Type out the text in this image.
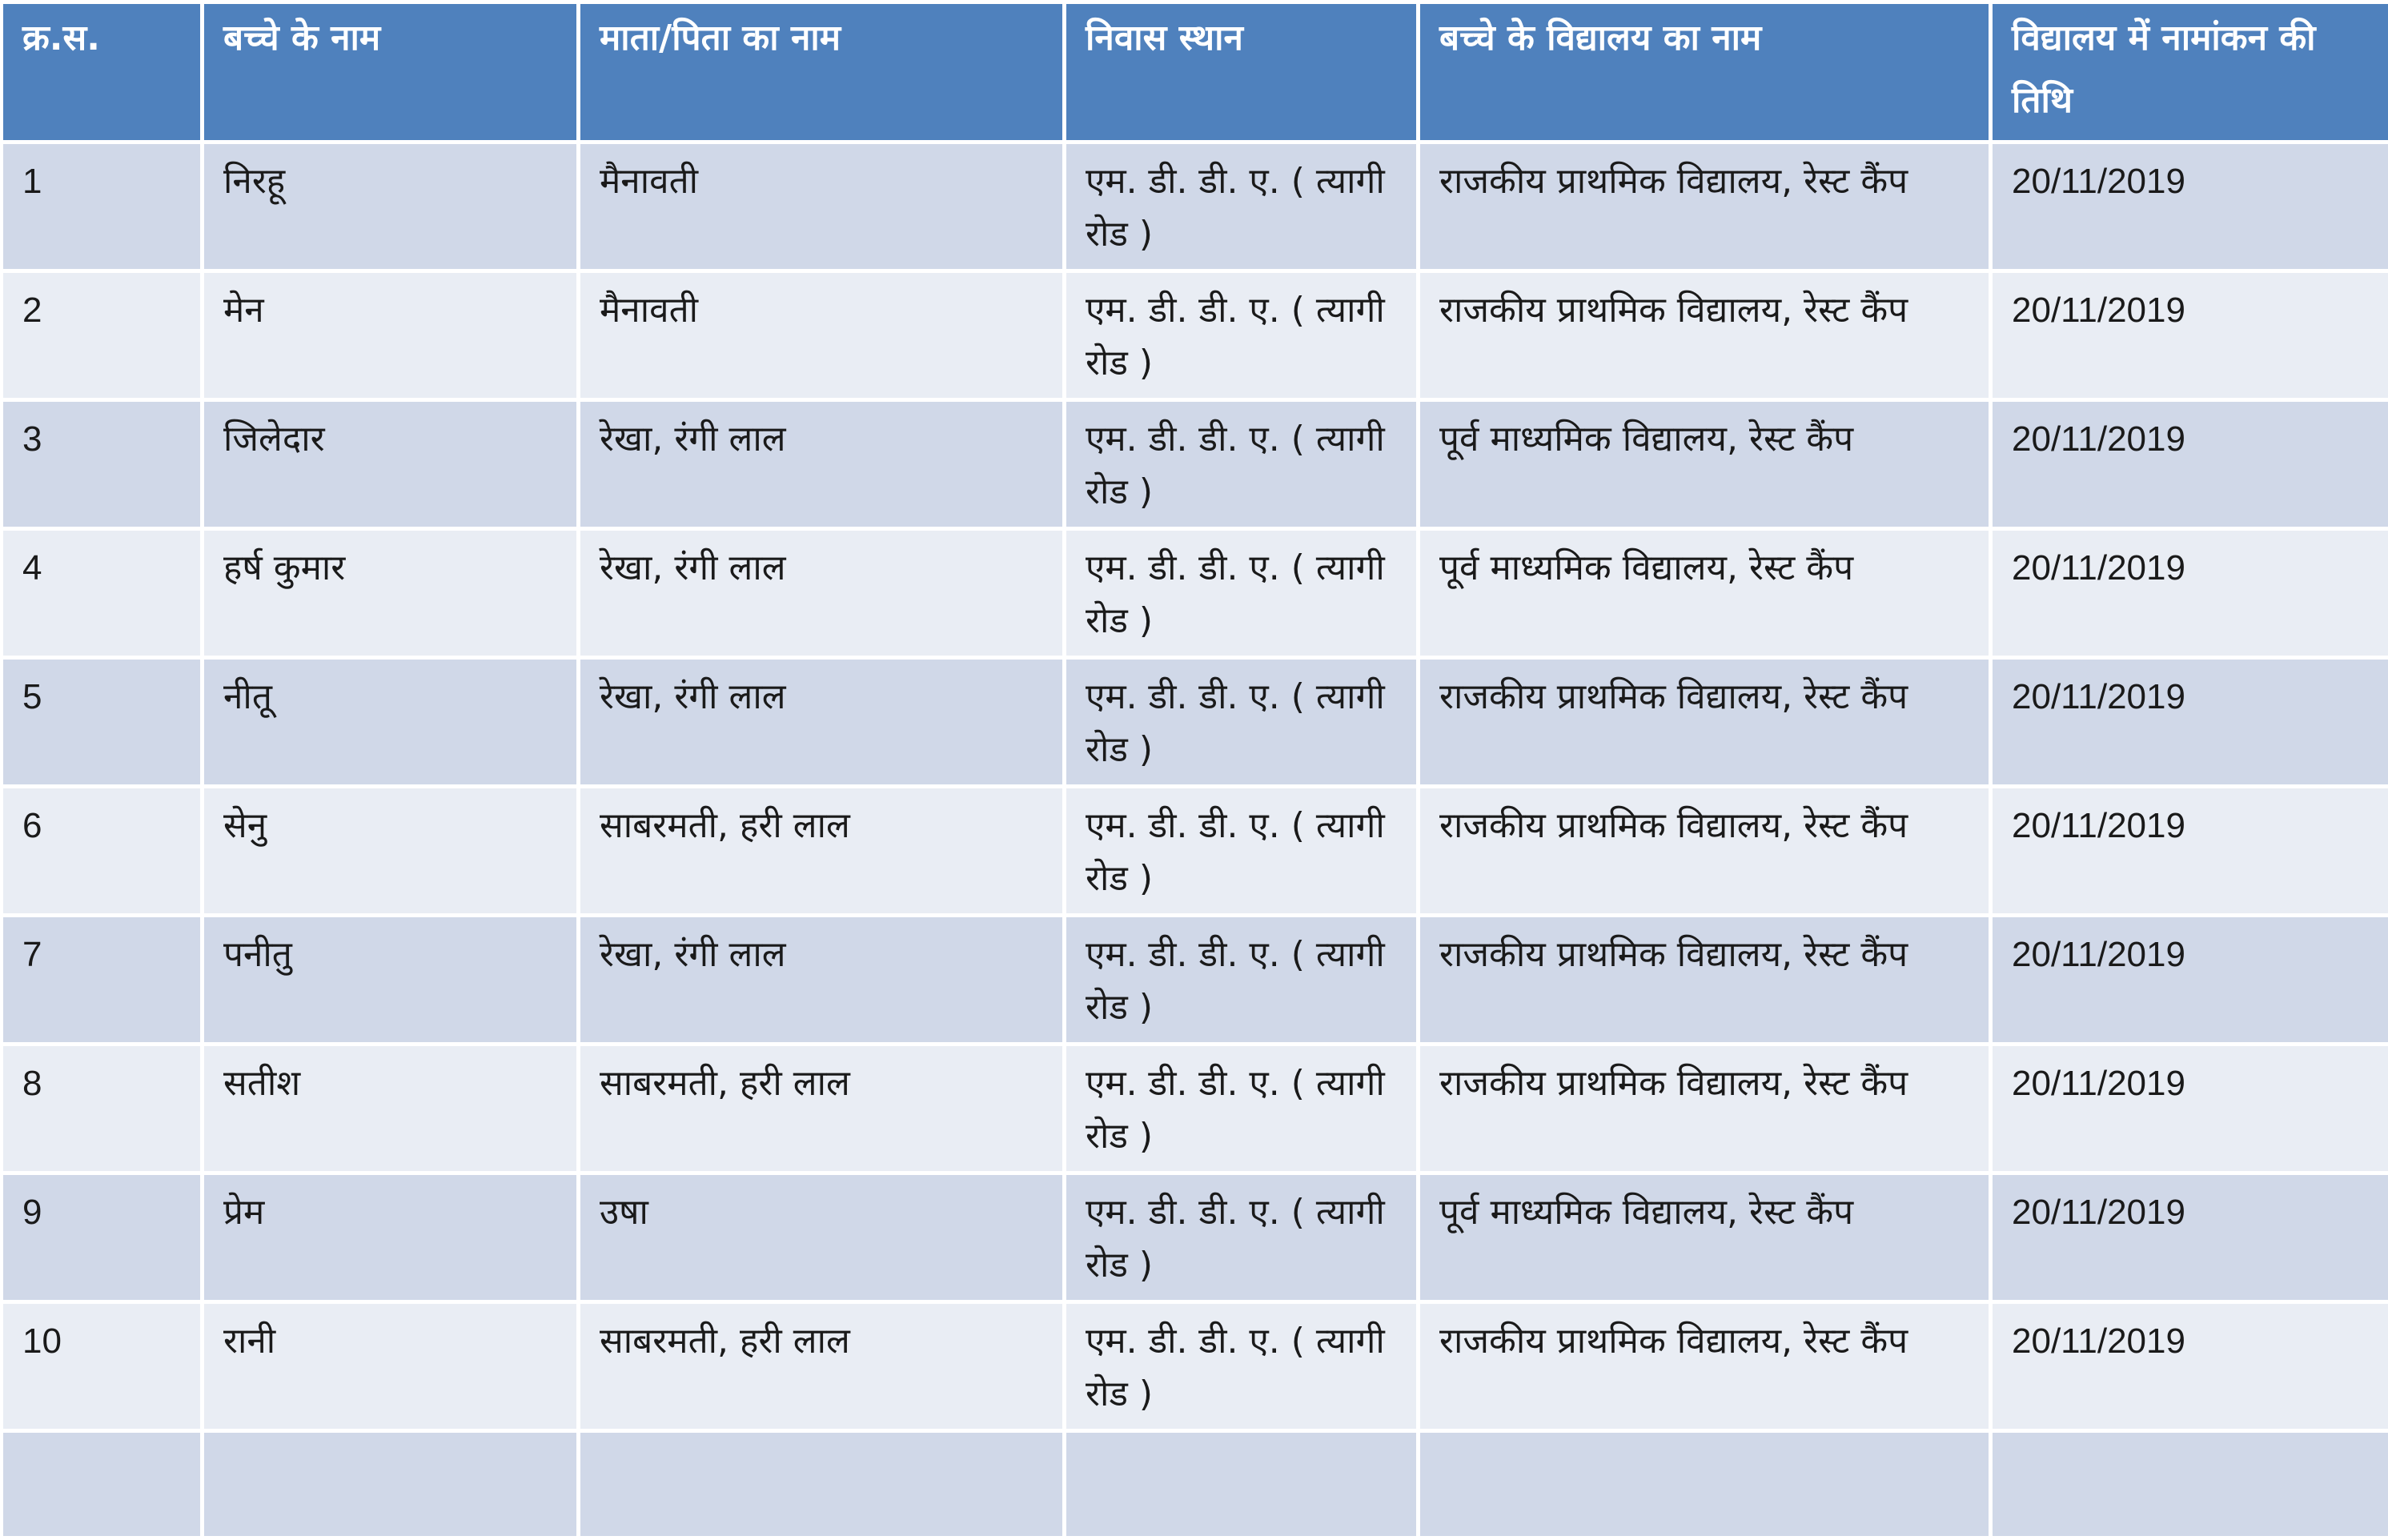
क्र.स.	बच्चे के नाम	माता/पिता का नाम	निवास स्थान	बच्चे के विद्यालय का नाम	विद्यालय में नामांकन की तिथि
1	निरहू	मैनावती	एम. डी. डी. ए. ( त्यागी रोड )	राजकीय प्राथमिक विद्यालय, रेस्ट कैंप	20/11/2019
2	मेन	मैनावती	एम. डी. डी. ए. ( त्यागी रोड )	राजकीय प्राथमिक विद्यालय, रेस्ट कैंप	20/11/2019
3	जिलेदार	रेखा, रंगी लाल	एम. डी. डी. ए. ( त्यागी रोड )	पूर्व माध्यमिक विद्यालय, रेस्ट कैंप	20/11/2019
4	हर्ष कुमार	रेखा, रंगी लाल	एम. डी. डी. ए. ( त्यागी रोड )	पूर्व माध्यमिक विद्यालय, रेस्ट कैंप	20/11/2019
5	नीतू	रेखा, रंगी लाल	एम. डी. डी. ए. ( त्यागी रोड )	राजकीय प्राथमिक विद्यालय, रेस्ट कैंप	20/11/2019
6	सेनु	साबरमती, हरी लाल	एम. डी. डी. ए. ( त्यागी रोड )	राजकीय प्राथमिक विद्यालय, रेस्ट कैंप	20/11/2019
7	पनीतु	रेखा, रंगी लाल	एम. डी. डी. ए. ( त्यागी रोड )	राजकीय प्राथमिक विद्यालय, रेस्ट कैंप	20/11/2019
8	सतीश	साबरमती, हरी लाल	एम. डी. डी. ए. ( त्यागी रोड )	राजकीय प्राथमिक विद्यालय, रेस्ट कैंप	20/11/2019
9	प्रेम	उषा	एम. डी. डी. ए. ( त्यागी रोड )	पूर्व माध्यमिक विद्यालय, रेस्ट कैंप	20/11/2019
10	रानी	साबरमती, हरी लाल	एम. डी. डी. ए. ( त्यागी रोड )	राजकीय प्राथमिक विद्यालय, रेस्ट कैंप	20/11/2019
